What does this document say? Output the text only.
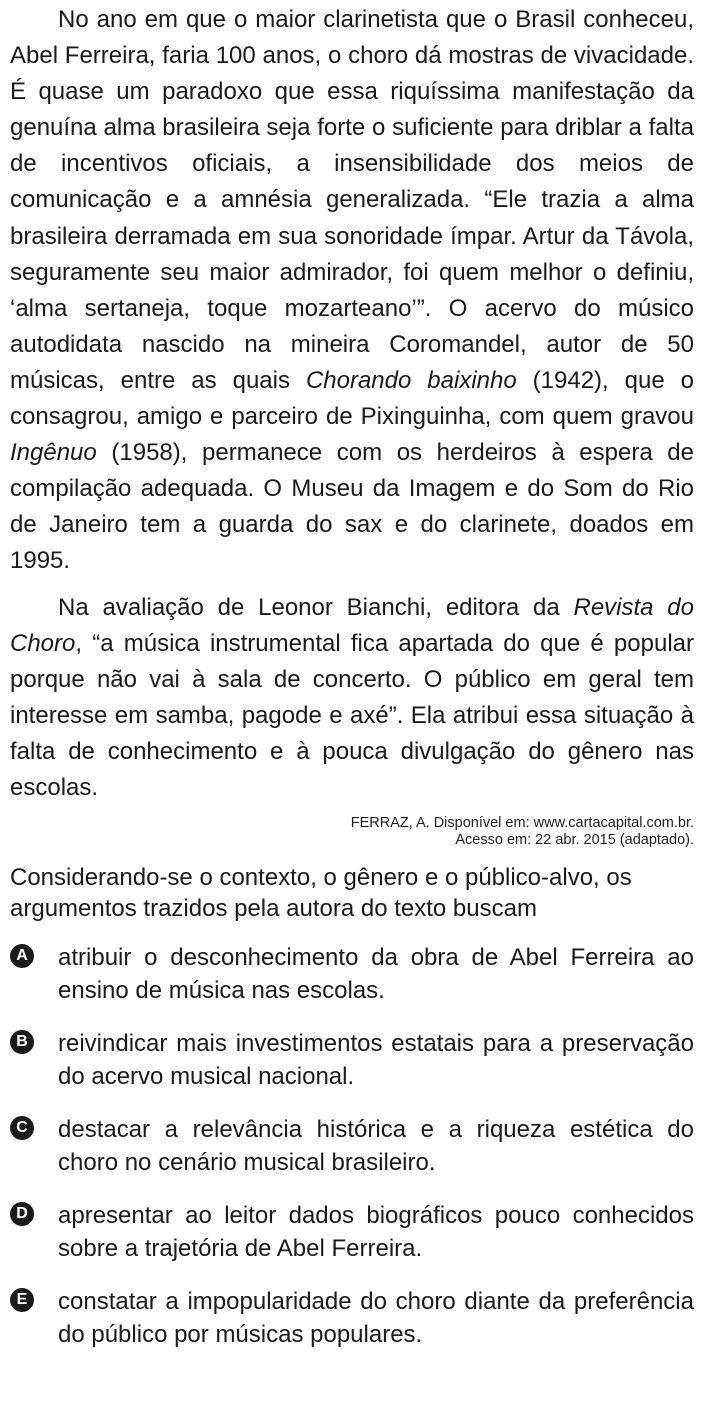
No ano em que o maior clarinetista que o Brasil conheceu, Abel Ferreira, faria 100 anos, o choro dá mostras de vivacidade. É quase um paradoxo que essa riquíssima manifestação da genuína alma brasileira seja forte o suficiente para driblar a falta de incentivos oficiais, a insensibilidade dos meios de comunicação e a amnésia generalizada. “Ele trazia a alma brasileira derramada em sua sonoridade ímpar. Artur da Távola, seguramente seu maior admirador, foi quem melhor o definiu, ‘alma sertaneja, toque mozarteano’”. O acervo do músico autodidata nascido na mineira Coromandel, autor de 50 músicas, entre as quais Chorando baixinho (1942), que o consagrou, amigo e parceiro de Pixinguinha, com quem gravou Ingênuo (1958), permanece com os herdeiros à espera de compilação adequada. O Museu da Imagem e do Som do Rio de Janeiro tem a guarda do sax e do clarinete, doados em 1995.

Na avaliação de Leonor Bianchi, editora da Revista do Choro, “a música instrumental fica apartada do que é popular porque não vai à sala de concerto. O público em geral tem interesse em samba, pagode e axé”. Ela atribui essa situação à falta de conhecimento e à pouca divulgação do gênero nas escolas.

FERRAZ, A. Disponível em: www.cartacapital.com.br.
Acesso em: 22 abr. 2015 (adaptado).
Considerando-se o contexto, o gênero e o público-alvo, os argumentos trazidos pela autora do texto buscam
A atribuir o desconhecimento da obra de Abel Ferreira ao ensino de música nas escolas.
B reivindicar mais investimentos estatais para a preservação do acervo musical nacional.
C destacar a relevância histórica e a riqueza estética do choro no cenário musical brasileiro.
D apresentar ao leitor dados biográficos pouco conhecidos sobre a trajetória de Abel Ferreira.
E constatar a impopularidade do choro diante da preferência do público por músicas populares.
